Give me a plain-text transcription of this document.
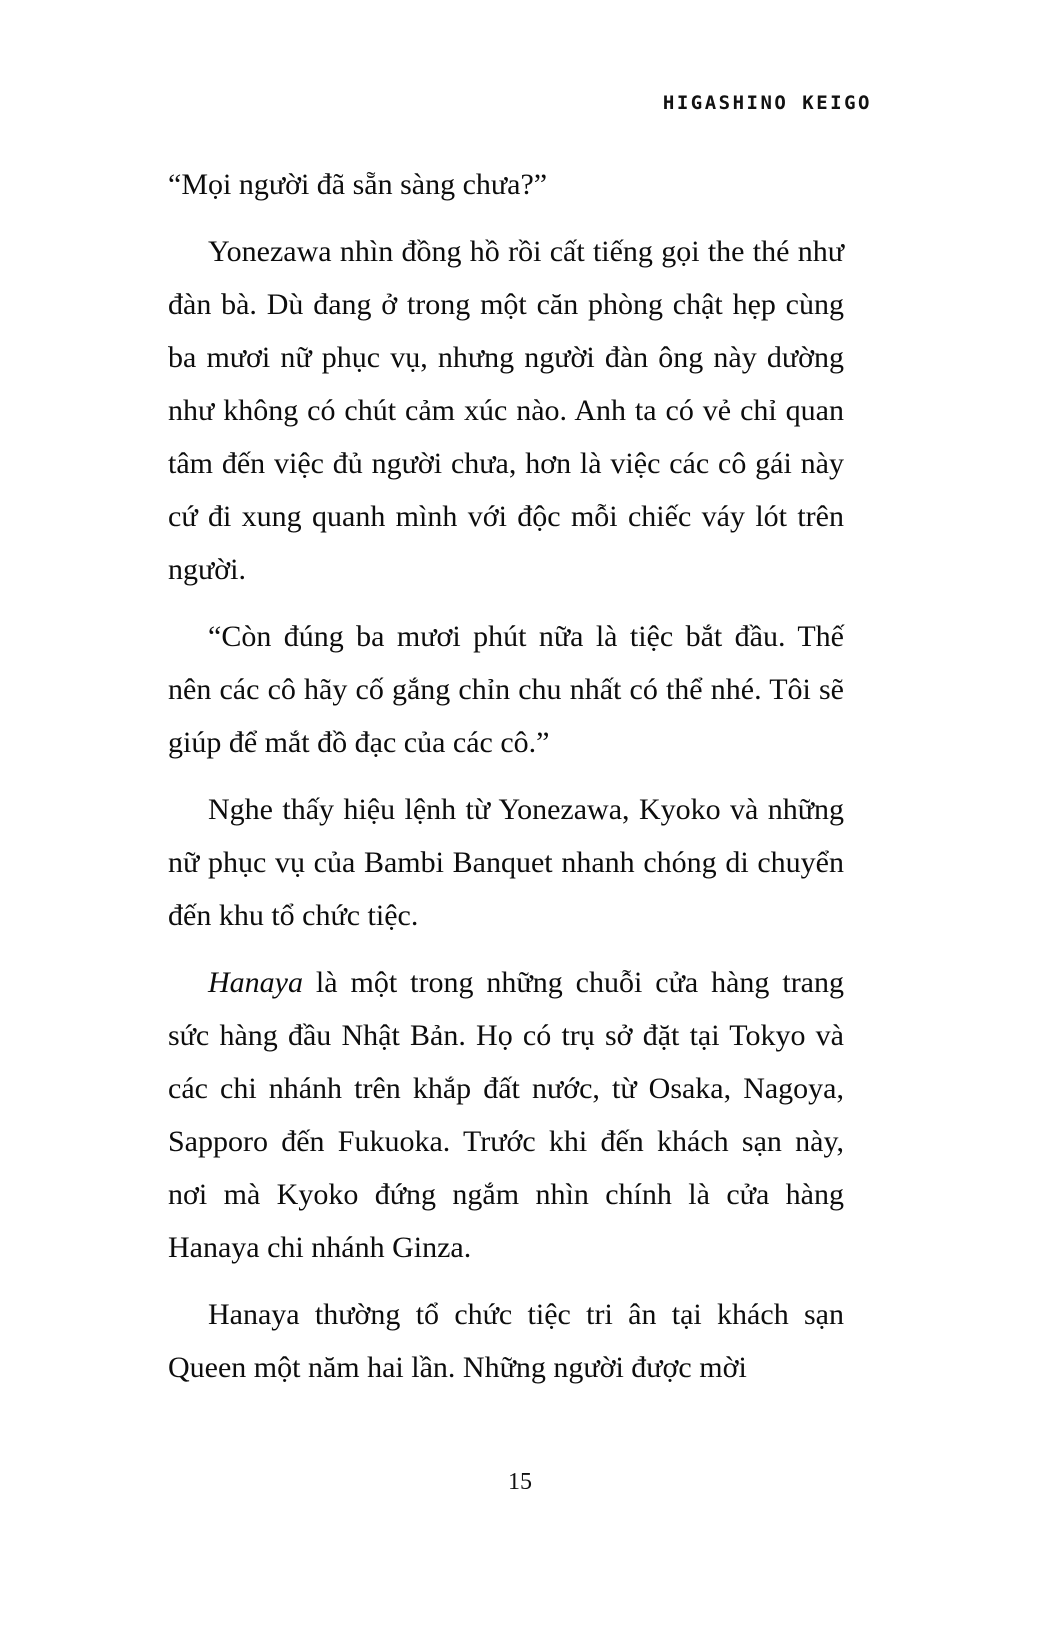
HIGASHINO KEIGO

“Mọi người đã sẵn sàng chưa?”

Yonezawa nhìn đồng hồ rồi cất tiếng gọi the thé như đàn bà. Dù đang ở trong một căn phòng chật hẹp cùng ba mươi nữ phục vụ, nhưng người đàn ông này dường như không có chút cảm xúc nào. Anh ta có vẻ chỉ quan tâm đến việc đủ người chưa, hơn là việc các cô gái này cứ đi xung quanh mình với độc mỗi chiếc váy lót trên người.

“Còn đúng ba mươi phút nữa là tiệc bắt đầu. Thế nên các cô hãy cố gắng chỉn chu nhất có thể nhé. Tôi sẽ giúp để mắt đồ đạc của các cô.”

Nghe thấy hiệu lệnh từ Yonezawa, Kyoko và những nữ phục vụ của Bambi Banquet nhanh chóng di chuyển đến khu tổ chức tiệc.

Hanaya là một trong những chuỗi cửa hàng trang sức hàng đầu Nhật Bản. Họ có trụ sở đặt tại Tokyo và các chi nhánh trên khắp đất nước, từ Osaka, Nagoya, Sapporo đến Fukuoka. Trước khi đến khách sạn này, nơi mà Kyoko đứng ngắm nhìn chính là cửa hàng Hanaya chi nhánh Ginza.

Hanaya thường tổ chức tiệc tri ân tại khách sạn Queen một năm hai lần. Những người được mời

15
